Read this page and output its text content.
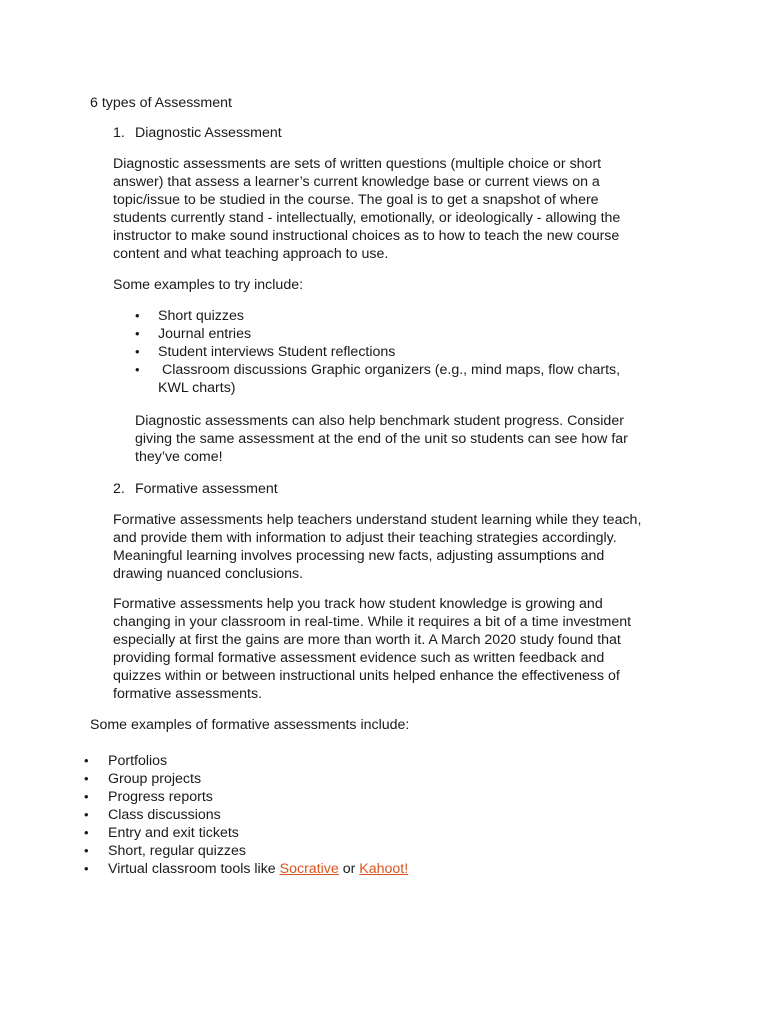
6 types of Assessment

1. Diagnostic Assessment

Diagnostic assessments are sets of written questions (multiple choice or short
answer) that assess a learner’s current knowledge base or current views on a
topic/issue to be studied in the course. The goal is to get a snapshot of where
students currently stand - intellectually, emotionally, or ideologically - allowing the
instructor to make sound instructional choices as to how to teach the new course
content and what teaching approach to use.

Some examples to try include:

• Short quizzes
• Journal entries
• Student interviews Student reflections
• Classroom discussions Graphic organizers (e.g., mind maps, flow charts,
KWL charts)
Diagnostic assessments can also help benchmark student progress. Consider
giving the same assessment at the end of the unit so students can see how far
they’ve come!

2. Formative assessment

Formative assessments help teachers understand student learning while they teach,
and provide them with information to adjust their teaching strategies accordingly.
Meaningful learning involves processing new facts, adjusting assumptions and
drawing nuanced conclusions.
Formative assessments help you track how student knowledge is growing and
changing in your classroom in real-time. While it requires a bit of a time investment
especially at first the gains are more than worth it. A March 2020 study found that
providing formal formative assessment evidence such as written feedback and
quizzes within or between instructional units helped enhance the effectiveness of
formative assessments.

Some examples of formative assessments include:

• Portfolios
• Group projects
• Progress reports
• Class discussions
• Entry and exit tickets
• Short, regular quizzes
• Virtual classroom tools like Socrative or Kahoot!
